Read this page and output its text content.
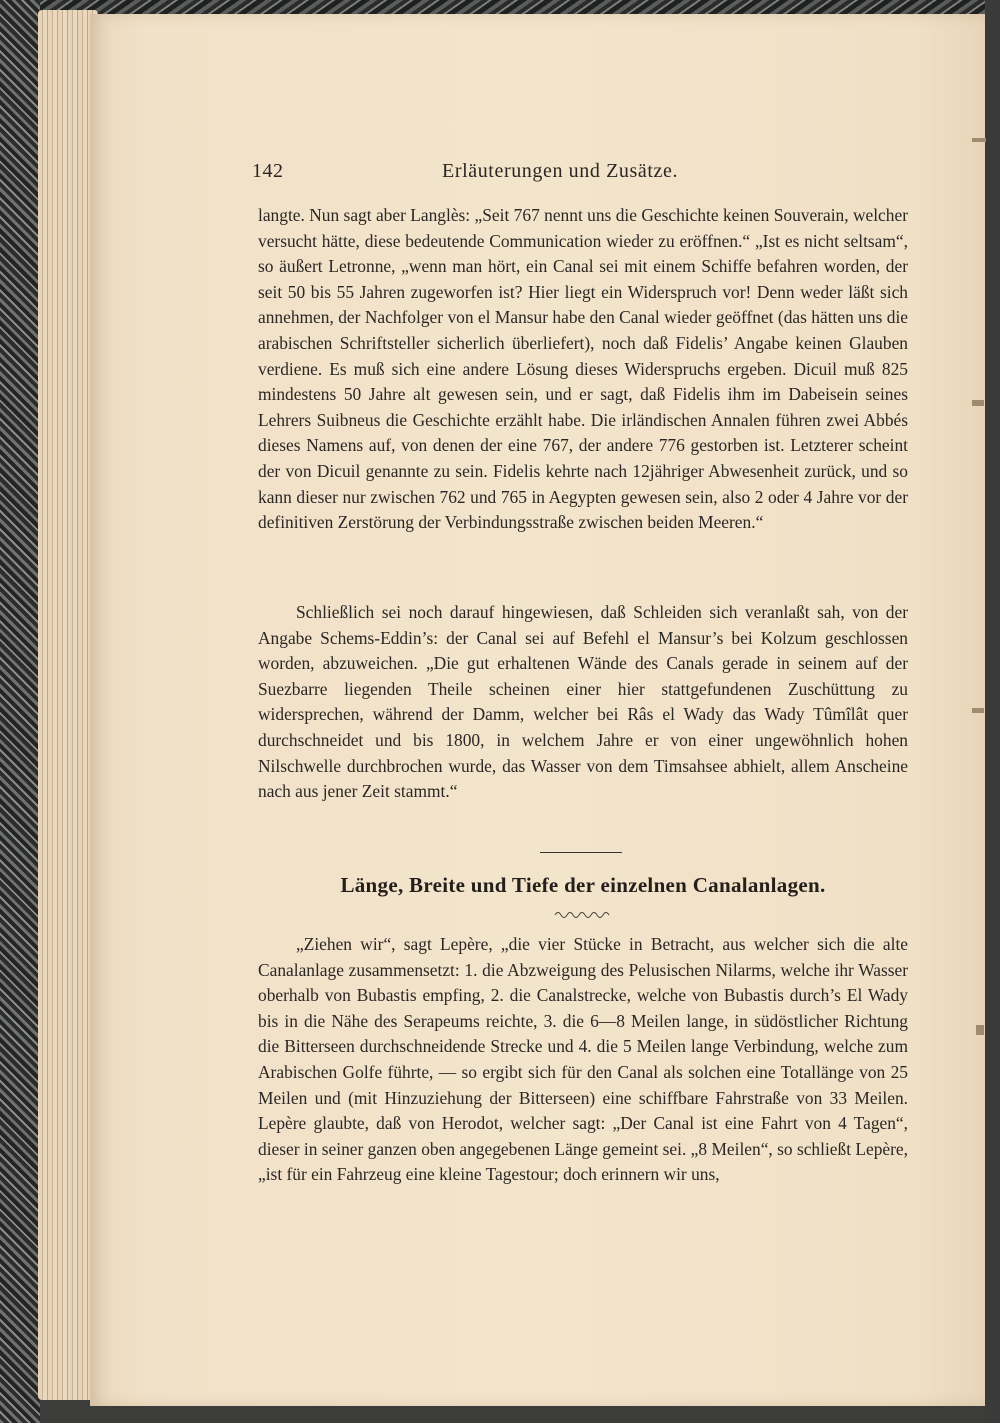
142	Erläuterungen und Zusätze.
langte. Nun sagt aber Langlès: „Seit 767 nennt uns die Geschichte keinen Souverain, welcher versucht hätte, diese bedeutende Communication wieder zu eröffnen.“ „Ist es nicht seltsam“, so äußert Letronne, „wenn man hört, ein Canal sei mit einem Schiffe befahren worden, der seit 50 bis 55 Jahren zugeworfen ist? Hier liegt ein Widerspruch vor! Denn weder läßt sich annehmen, der Nachfolger von el Mansur habe den Canal wieder geöffnet (das hätten uns die arabischen Schriftsteller sicherlich überliefert), noch daß Fidelis’ Angabe keinen Glauben verdiene. Es muß sich eine andere Lösung dieses Widerspruchs ergeben. Dicuil muß 825 mindestens 50 Jahre alt gewesen sein, und er sagt, daß Fidelis ihm im Dabeisein seines Lehrers Suibneus die Geschichte erzählt habe. Die irländischen Annalen führen zwei Abbés dieses Namens auf, von denen der eine 767, der andere 776 gestorben ist. Letzterer scheint der von Dicuil genannte zu sein. Fidelis kehrte nach 12jähriger Abwesenheit zurück, und so kann dieser nur zwischen 762 und 765 in Aegypten gewesen sein, also 2 oder 4 Jahre vor der definitiven Zerstörung der Verbindungsstraße zwischen beiden Meeren.“
Schließlich sei noch darauf hingewiesen, daß Schleiden sich veranlaßt sah, von der Angabe Schems-Eddin’s: der Canal sei auf Befehl el Mansur’s bei Kolzum geschlossen worden, abzuweichen. „Die gut erhaltenen Wände des Canals gerade in seinem auf der Suezbarre liegenden Theile scheinen einer hier stattgefundenen Zuschüttung zu widersprechen, während der Damm, welcher bei Râs el Wady das Wady Tûmîlât quer durchschneidet und bis 1800, in welchem Jahre er von einer ungewöhnlich hohen Nilschwelle durchbrochen wurde, das Wasser von dem Timsahsee abhielt, allem Anscheine nach aus jener Zeit stammt.“
Länge, Breite und Tiefe der einzelnen Canalanlagen.
„Ziehen wir“, sagt Lepère, „die vier Stücke in Betracht, aus welcher sich die alte Canalanlage zusammensetzt: 1. die Abzweigung des Pelusischen Nilarms, welche ihr Wasser oberhalb von Bubastis empfing, 2. die Canalstrecke, welche von Bubastis durch’s El Wady bis in die Nähe des Serapeums reichte, 3. die 6—8 Meilen lange, in südöstlicher Richtung die Bitterseen durchschneidende Strecke und 4. die 5 Meilen lange Verbindung, welche zum Arabischen Golfe führte, — so ergibt sich für den Canal als solchen eine Totallänge von 25 Meilen und (mit Hinzuziehung der Bitterseen) eine schiffbare Fahrstraße von 33 Meilen. Lepère glaubte, daß von Herodot, welcher sagt: „Der Canal ist eine Fahrt von 4 Tagen“, dieser in seiner ganzen oben angegebenen Länge gemeint sei. „8 Meilen“, so schließt Lepère, „ist für ein Fahrzeug eine kleine Tagestour; doch erinnern wir uns,
